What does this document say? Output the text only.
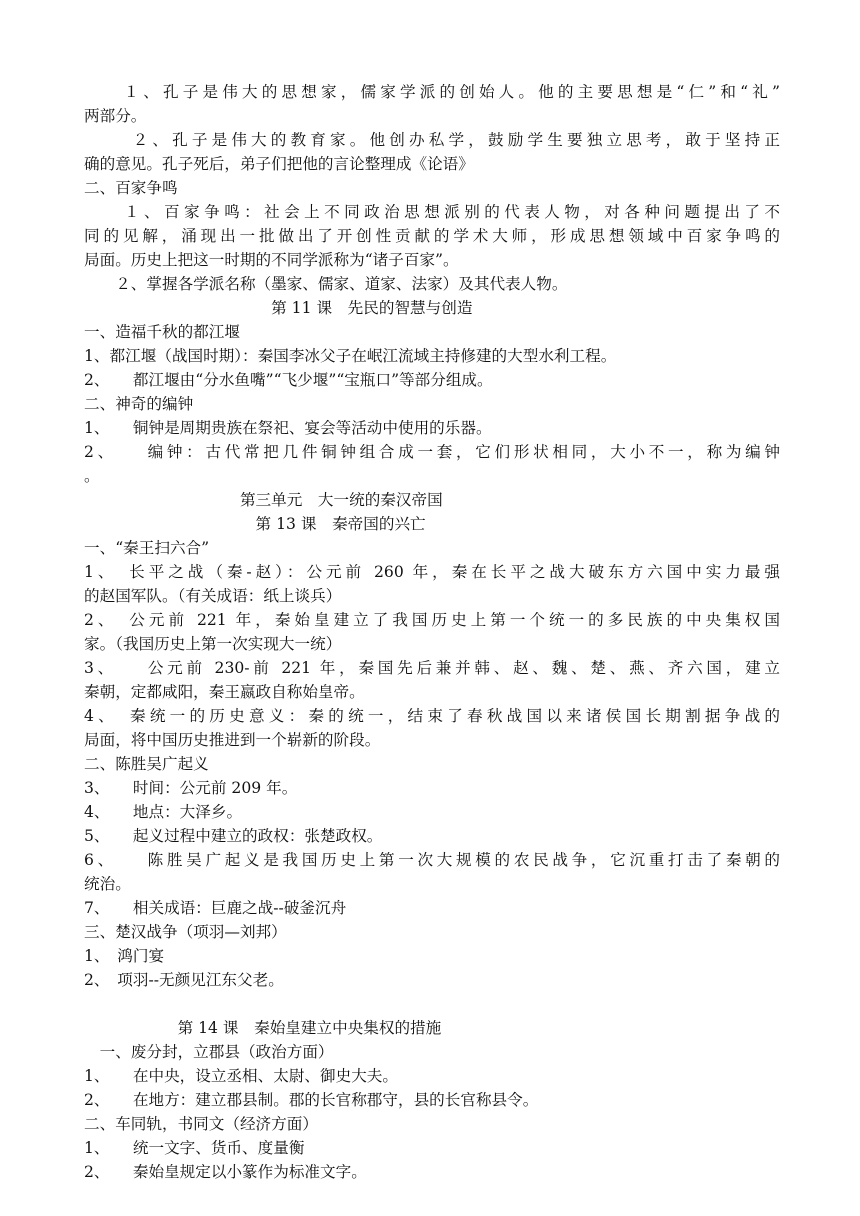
　　１、孔子是伟大的思想家，儒家学派的创始人。他的主要思想是“仁”和“礼”
两部分。
　　 ２、孔子是伟大的教育家。他创办私学，鼓励学生要独立思考，敢于坚持正
确的意见。孔子死后，弟子们把他的言论整理成《论语》
二、百家争鸣
　　１、百家争鸣：社会上不同政治思想派别的代表人物，对各种问题提出了不
同的见解，涌现出一批做出了开创性贡献的学术大师，形成思想领域中百家争鸣的
局面。历史上把这一时期的不同学派称为“诸子百家”。
　　２、掌握各学派名称（墨家、儒家、道家、法家）及其代表人物。
　　　　　　　　　　　　第 11 课　先民的智慧与创造
一、造福千秋的都江堰
1、都江堰（战国时期）：秦国李冰父子在岷江流域主持修建的大型水利工程。
2、　　都江堰由“分水鱼嘴”“飞少堰”“宝瓶口”等部分组成。
二、神奇的编钟
1、　　铜钟是周期贵族在祭祀、宴会等活动中使用的乐器。
2、　　编钟：古代常把几件铜钟组合成一套，它们形状相同，大小不一，称为编钟
。
　　　　　　　　　　第三单元　大一统的秦汉帝国
　　　　　　　　　　　第 13 课　秦帝国的兴亡
一、“秦王扫六合”
1、　长平之战（秦-赵）：公元前 260 年，秦在长平之战大破东方六国中实力最强
的赵国军队。（有关成语：纸上谈兵）
2、　公元前 221 年，秦始皇建立了我国历史上第一个统一的多民族的中央集权国
家。（我国历史上第一次实现大一统）
3、　　公元前 230-前 221 年，秦国先后兼并韩、赵、魏、楚、燕、齐六国，建立
秦朝，定都咸阳，秦王嬴政自称始皇帝。
4、　秦统一的历史意义：秦的统一，结束了春秋战国以来诸侯国长期割据争战的
局面，将中国历史推进到一个崭新的阶段。
二、陈胜吴广起义
3、　　时间：公元前 209 年。
4、　　地点：大泽乡。
5、　　起义过程中建立的政权：张楚政权。
6、　　陈胜吴广起义是我国历史上第一次大规模的农民战争，它沉重打击了秦朝的
统治。
7、　　相关成语：巨鹿之战--破釜沉舟
三、楚汉战争（项羽—刘邦）
1、　鸿门宴
2、　项羽--无颜见江东父老。
　　　　　　第 14 课　秦始皇建立中央集权的措施
　一、废分封，立郡县（政治方面）
1、　　在中央，设立丞相、太尉、御史大夫。
2、　　在地方：建立郡县制。郡的长官称郡守，县的长官称县令。
二、车同轨，书同文（经济方面）
1、　　统一文字、货币、度量衡
2、　　秦始皇规定以小篆作为标准文字。
